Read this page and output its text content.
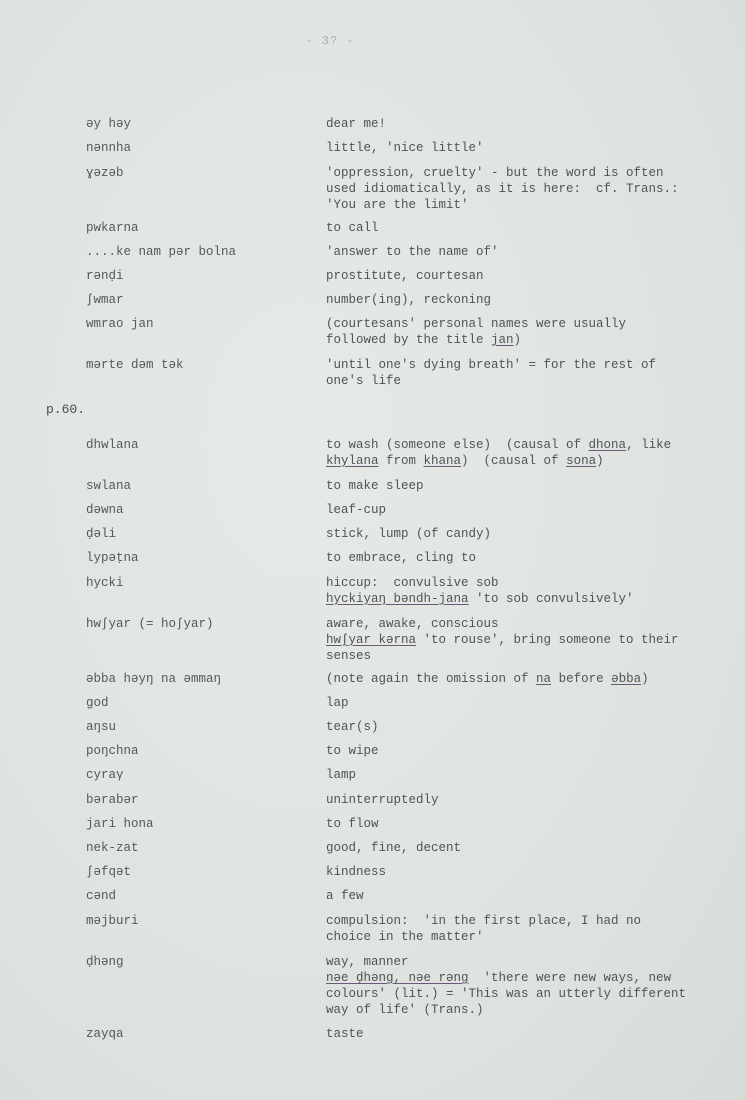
- 3? -
əy həy	dear me!
nənnha	little, 'nice little'
ɣəzəb	'oppression, cruelty' - but the word is often
used idiomatically, as it is here:  cf. Trans.:
'You are the limit'
pwkarna	to call
....ke nam pər bolna	'answer to the name of'
rənḍi	prostitute, courtesan
ʃwmar	number(ing), reckoning
wmrao jan	(courtesans' personal names were usually
followed by the title jan)
mərte dəm tək	'until one's dying breath' = for the rest of
one's life
p.60.
dhwlana	to wash (someone else)  (causal of dhona, like
khylana from khana)  (causal of sona)
swlana	to make sleep
dəwna	leaf-cup
ḍəli	stick, lump (of candy)
lypəṭna	to embrace, cling to
hycki	hiccup:  convulsive sob
hyckiyaŋ bəndh-jana 'to sob convulsively'
hwʃyar (= hoʃyar)	aware, awake, conscious
hwʃyar kərna 'to rouse', bring someone to their
senses
əbba həyŋ na əmmaŋ	(note again the omission of na before əbba)
god	lap
aŋsu	tear(s)
poŋchna	to wipe
cyraγ	lamp
bərabər	uninterruptedly
jari hona	to flow
nek-zat	good, fine, decent
ʃəfqət	kindness
cənd	a few
məjburi	compulsion:  'in the first place, I had no
choice in the matter'
ḍhəng	way, manner
nəe ḍhəng, nəe rəng  'there were new ways, new
colours' (lit.) = 'This was an utterly different
way of life' (Trans.)
zayqa	taste
